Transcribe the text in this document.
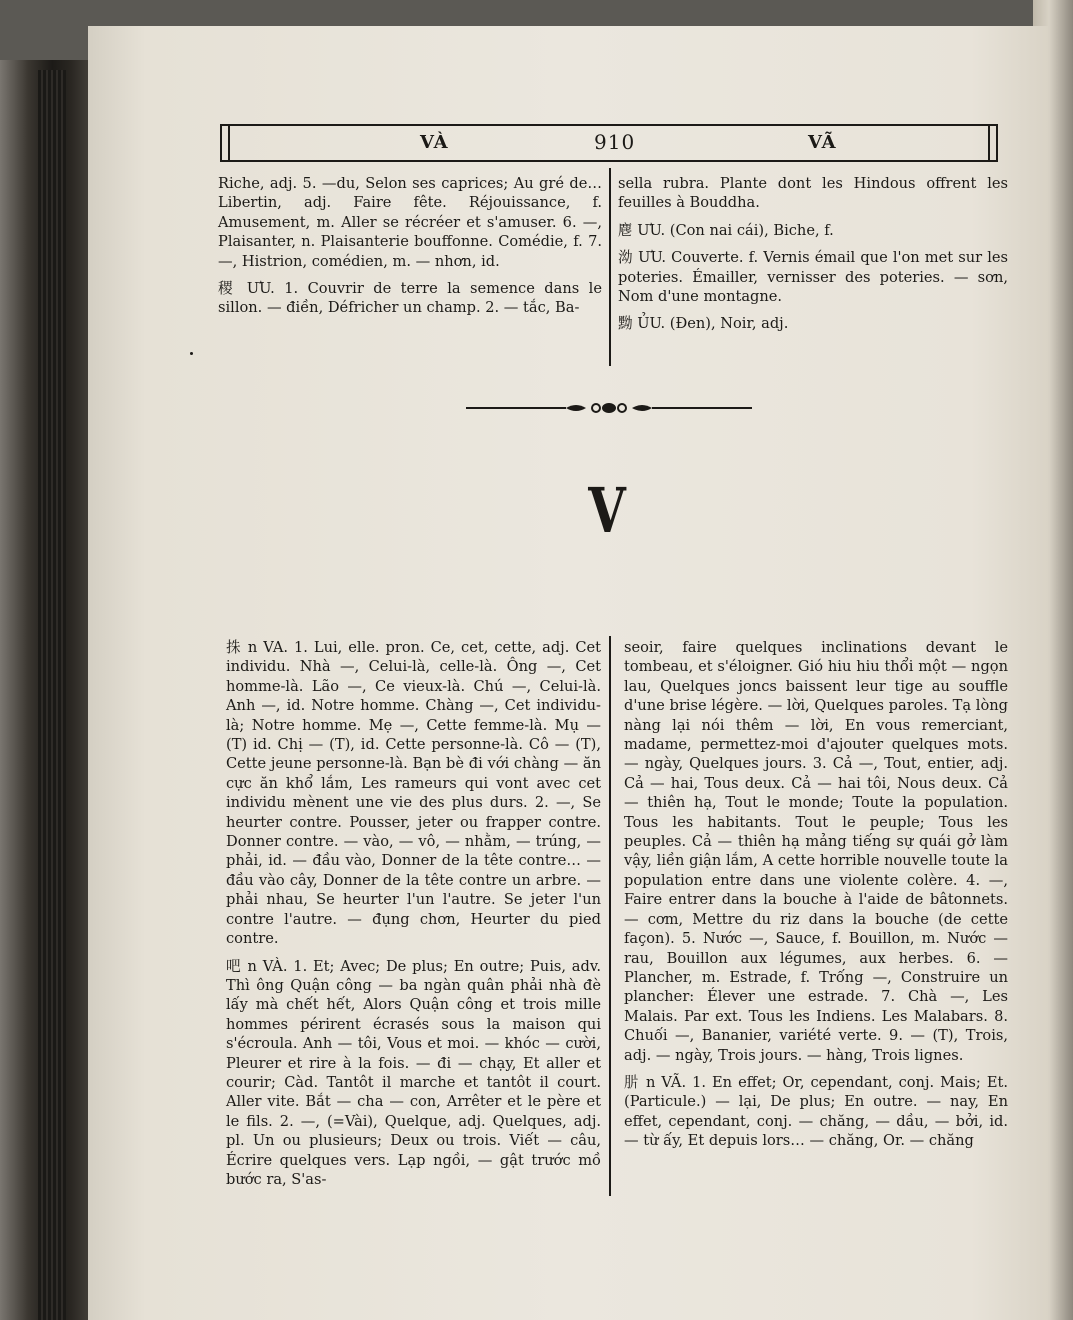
VÀ	910	VÃ

Riche, adj. 5. —du, Selon ses caprices; Au gré de… Libertin, adj. Faire fête. Réjouissance, f. Amusement, m. Aller se récréer et s'amuser. 6. —, Plaisanter, n. Plaisanterie bouffonne. Comédie, f. 7. —, Histrion, comédien, m. — nhơn, id.

稷 ƯU. 1. Couvrir de terre la semence dans le sillon. — điền, Défricher un champ. 2. — tắc, Ba-

sella rubra. Plante dont les Hindous offrent les feuilles à Bouddha.

麀 ƯU. (Con nai cái), Biche, f.

泑 ƯU. Couverte. f. Vernis émail que l'on met sur les poteries. Émailler, vernisser des poteries. — sơn, Nom d'une montagne.

黝 ỦU. (Đen), Noir, adj.

V

㧣 n VA. 1. Lui, elle. pron. Ce, cet, cette, adj. Cet individu. Nhà —, Celui-là, celle-là. Ông —, Cet homme-là. Lão —, Ce vieux-là. Chú —, Celui-là. Anh —, id. Notre homme. Chàng —, Cet individu-là; Notre homme. Mẹ —, Cette femme-là. Mụ — (T) id. Chị — (T), id. Cette personne-là. Cô — (T), Cette jeune personne-là. Bạn bè đi với chàng — ăn cực ăn khổ lắm, Les rameurs qui vont avec cet individu mènent une vie des plus durs. 2. —, Se heurter contre. Pousser, jeter ou frapper contre. Donner contre. — vào, — vô, — nhằm, — trúng, — phải, id. — đầu vào, Donner de la tête contre… — đầu vào cây, Donner de la tête contre un arbre. — phải nhau, Se heurter l'un l'autre. Se jeter l'un contre l'autre. — đụng chơn, Heurter du pied contre.

吧 n VÀ. 1. Et; Avec; De plus; En outre; Puis, adv. Thì ông Quận công — ba ngàn quân phải nhà đè lấy mà chết hết, Alors Quận công et trois mille hommes périrent écrasés sous la maison qui s'écroula. Anh — tôi, Vous et moi. — khóc — cười, Pleurer et rire à la fois. — đi — chạy, Et aller et courir; Càd. Tantôt il marche et tantôt il court. Aller vite. Bắt — cha — con, Arrêter et le père et le fils. 2. —, (=Vài), Quelque, adj. Quelques, adj. pl. Un ou plusieurs; Deux ou trois. Viết — câu, Écrire quelques vers. Lạp ngồi, — gật trước mồ bước ra, S'as-

seoir, faire quelques inclinations devant le tombeau, et s'éloigner. Gió hiu hiu thổi một — ngọn lau, Quelques joncs baissent leur tige au souffle d'une brise légère. — lời, Quelques paroles. Tạ lòng nàng lại nói thêm — lời, En vous remerciant, madame, permettez-moi d'ajouter quelques mots. — ngày, Quelques jours. 3. Cả —, Tout, entier, adj. Cả — hai, Tous deux. Cả — hai tôi, Nous deux. Cả — thiên hạ, Tout le monde; Toute la population. Tous les habitants. Tout le peuple; Tous les peuples. Cả — thiên hạ mảng tiếng sự quái gở làm vậy, liền giận lắm, A cette horrible nouvelle toute la population entre dans une violente colère. 4. —, Faire entrer dans la bouche à l'aide de bâtonnets. — cơm, Mettre du riz dans la bouche (de cette façon). 5. Nước —, Sauce, f. Bouillon, m. Nước — rau, Bouillon aux légumes, aux herbes. 6. — Plancher, m. Estrade, f. Trống —, Construire un plancher: Élever une estrade. 7. Chà —, Les Malais. Par ext. Tous les Indiens. Les Malabars. 8. Chuối —, Bananier, variété verte. 9. — (T), Trois, adj. — ngày, Trois jours. — hàng, Trois lignes.

䏒 n VÃ. 1. En effet; Or, cependant, conj. Mais; Et. (Particule.) — lại, De plus; En outre. — nay, En effet, cependant, conj. — chăng, — dầu, — bởi, id. — từ ấy, Et depuis lors… — chăng, Or. — chăng
